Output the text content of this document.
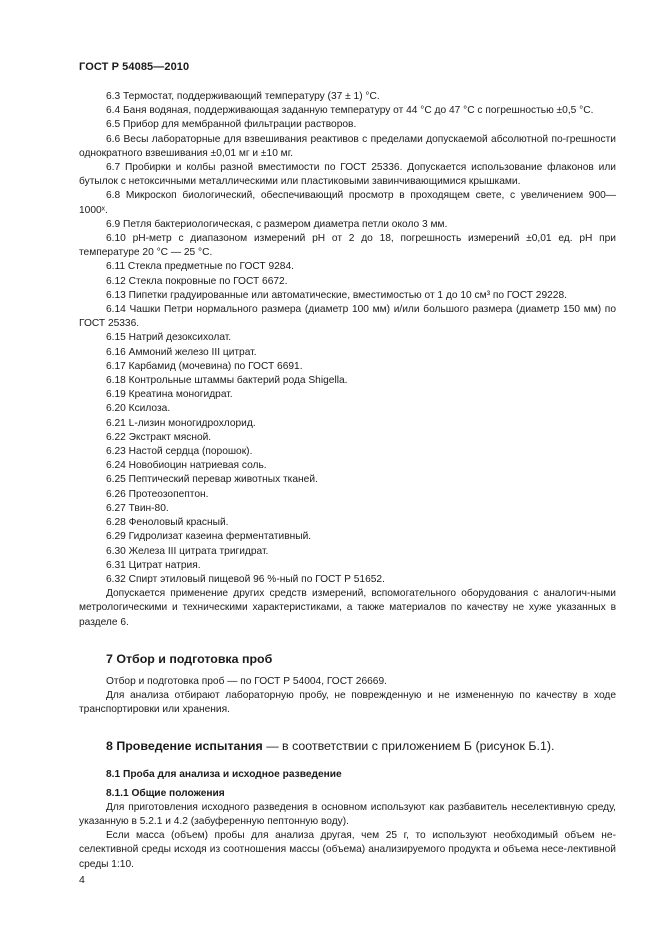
ГОСТ Р 54085—2010

6.3 Термостат, поддерживающий температуру (37 ± 1) °С.

6.4 Баня водяная, поддерживающая заданную температуру от 44 °С до 47 °С с погрешностью ±0,5 °С.

6.5 Прибор для мембранной фильтрации растворов.

6.6 Весы лабораторные для взвешивания реактивов с пределами допускаемой абсолютной по-грешности однократного взвешивания ±0,01 мг и ±10 мг.

6.7 Пробирки и колбы разной вместимости по ГОСТ 25336. Допускается использование флаконов или бутылок с нетоксичными металлическими или пластиковыми завинчивающимися крышками.

6.8 Микроскоп биологический, обеспечивающий просмотр в проходящем свете, с увеличением 900—1000ˣ.

6.9 Петля бактериологическая, с размером диаметра петли около 3 мм.

6.10 pH-метр с диапазоном измерений pH от 2 до 18, погрешность измерений ±0,01 ед. pH при температуре 20 °С — 25 °С.

6.11 Стекла предметные по ГОСТ 9284.

6.12 Стекла покровные по ГОСТ 6672.

6.13 Пипетки градуированные или автоматические, вместимостью от 1 до 10 см³ по ГОСТ 29228.

6.14 Чашки Петри нормального размера (диаметр 100 мм) и/или большого размера (диаметр 150 мм) по ГОСТ 25336.

6.15 Натрий дезоксихолат.

6.16 Аммоний железо III цитрат.

6.17 Карбамид (мочевина) по ГОСТ 6691.

6.18 Контрольные штаммы бактерий рода Shigella.

6.19 Креатина моногидрат.

6.20 Ксилоза.

6.21 L-лизин моногидрохлорид.

6.22 Экстракт мясной.

6.23 Настой сердца (порошок).

6.24 Новобиоцин натриевая соль.

6.25 Пептический перевар животных тканей.

6.26 Протеозопептон.

6.27 Твин-80.

6.28 Феноловый красный.

6.29 Гидролизат казеина ферментативный.

6.30 Железа III цитрата тригидрат.

6.31 Цитрат натрия.

6.32 Спирт этиловый пищевой 96 %-ный по ГОСТ Р 51652.

Допускается применение других средств измерений, вспомогательного оборудования с аналогич-ными метрологическими и техническими характеристиками, а также материалов по качеству не хуже указанных в разделе 6.

7 Отбор и подготовка проб

Отбор и подготовка проб — по ГОСТ Р 54004, ГОСТ 26669.

Для анализа отбирают лабораторную пробу, не поврежденную и не измененную по качеству в ходе транспортировки или хранения.

8 Проведение испытания — в соответствии с приложением Б (рисунок Б.1).

8.1 Проба для анализа и исходное разведение

8.1.1 Общие положения

Для приготовления исходного разведения в основном используют как разбавитель неселективную среду, указанную в 5.2.1 и 4.2 (забуференную пептонную воду).

Если масса (объем) пробы для анализа другая, чем 25 г, то используют необходимый объем не-селективной среды исходя из соотношения массы (объема) анализируемого продукта и объема несе-лективной среды 1:10.

4
